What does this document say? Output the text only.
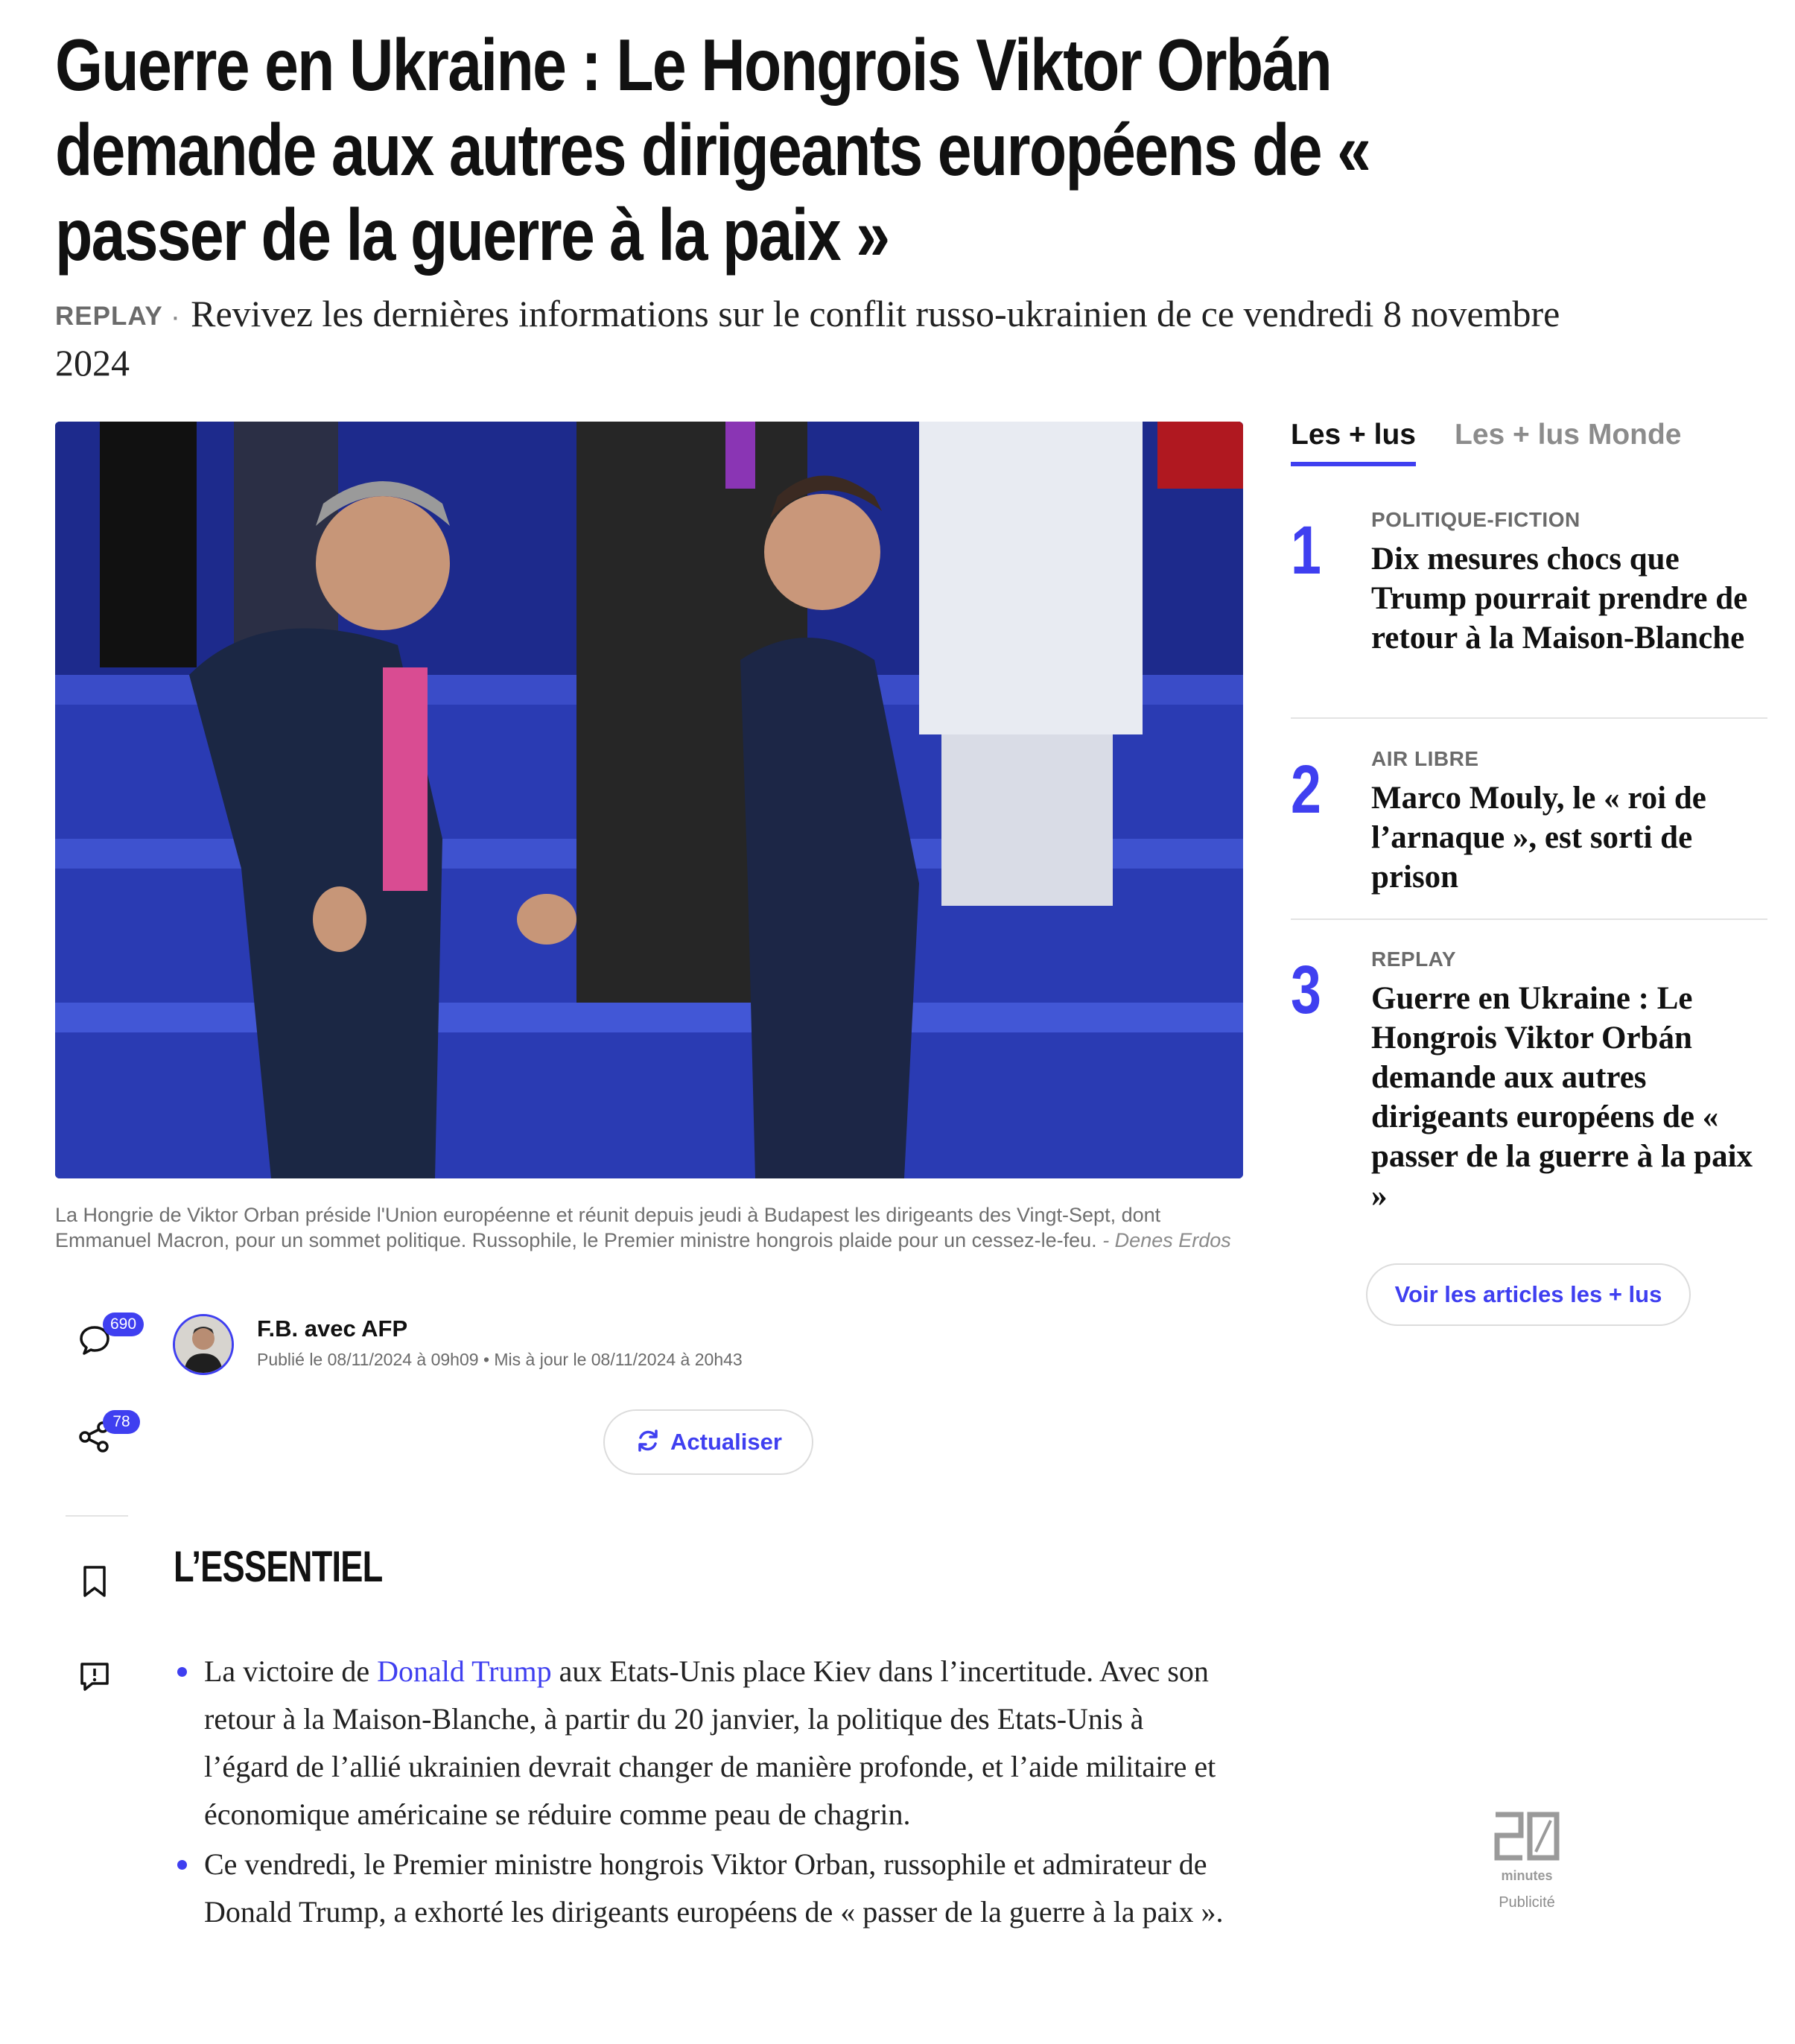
Guerre en Ukraine : Le Hongrois Viktor Orbán demande aux autres dirigeants européens de « passer de la guerre à la paix »

REPLAY · Revivez les dernières informations sur le conflit russo-ukrainien de ce vendredi 8 novembre 2024

La Hongrie de Viktor Orban préside l'Union européenne et réunit depuis jeudi à Budapest les dirigeants des Vingt-Sept, dont Emmanuel Macron, pour un sommet politique. Russophile, le Premier ministre hongrois plaide pour un cessez-le-feu. - Denes Erdos

Les + lus Les + lus Monde
1 POLITIQUE-FICTION
Dix mesures chocs que Trump pourrait prendre de retour à la Maison-Blanche
2 AIR LIBRE
Marco Mouly, le « roi de l’arnaque », est sorti de prison
3 REPLAY
Guerre en Ukraine : Le Hongrois Viktor Orbán demande aux autres dirigeants européens de « passer de la guerre à la paix »
Voir les articles les + lus
690
78
F.B. avec AFP
Publié le 08/11/2024 à 09h09 • Mis à jour le 08/11/2024 à 20h43
Actualiser
L’ESSENTIEL
La victoire de Donald Trump aux Etats-Unis place Kiev dans l’incertitude. Avec son retour à la Maison-Blanche, à partir du 20 janvier, la politique des Etats-Unis à l’égard de l’allié ukrainien devrait changer de manière profonde, et l’aide militaire et économique américaine se réduire comme peau de chagrin.
Ce vendredi, le Premier ministre hongrois Viktor Orban, russophile et admirateur de Donald Trump, a exhorté les dirigeants européens de « passer de la guerre à la paix ».
minutes
Publicité
